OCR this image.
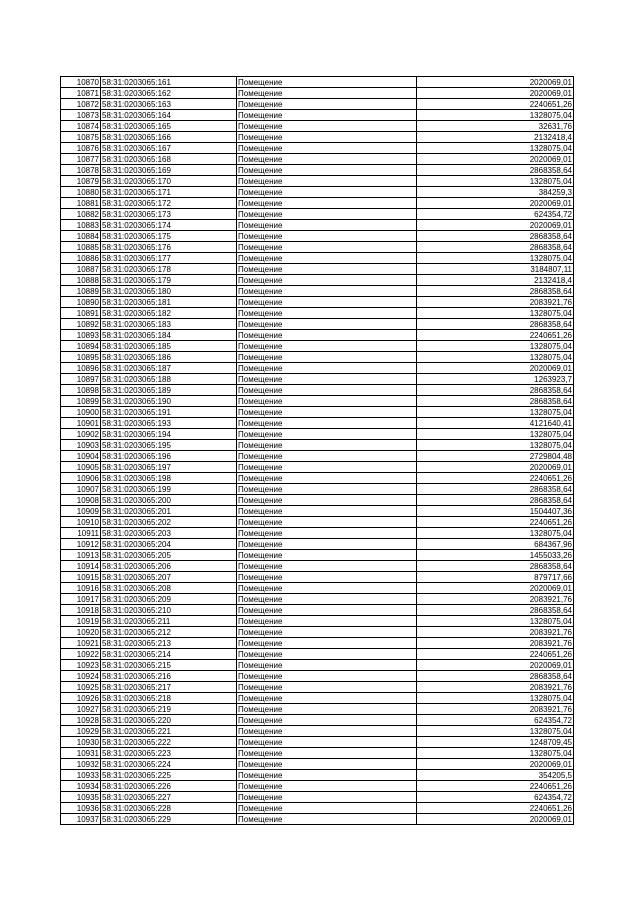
10870	58:31:0203065:161	Помещение	2020069,01
10871	58:31:0203065:162	Помещение	2020069,01
10872	58:31:0203065:163	Помещение	2240651,26
10873	58:31:0203065:164	Помещение	1328075,04
10874	58:31:0203065:165	Помещение	32631,76
10875	58:31:0203065:166	Помещение	2132418,4
10876	58:31:0203065:167	Помещение	1328075,04
10877	58:31:0203065:168	Помещение	2020069,01
10878	58:31:0203065:169	Помещение	2868358,64
10879	58:31:0203065:170	Помещение	1328075,04
10880	58:31:0203065:171	Помещение	384259,3
10881	58:31:0203065:172	Помещение	2020069,01
10882	58:31:0203065:173	Помещение	624354,72
10883	58:31:0203065:174	Помещение	2020069,01
10884	58:31:0203065:175	Помещение	2868358,64
10885	58:31:0203065:176	Помещение	2868358,64
10886	58:31:0203065:177	Помещение	1328075,04
10887	58:31:0203065:178	Помещение	3184807,11
10888	58:31:0203065:179	Помещение	2132418,4
10889	58:31:0203065:180	Помещение	2868358,64
10890	58:31:0203065:181	Помещение	2083921,76
10891	58:31:0203065:182	Помещение	1328075,04
10892	58:31:0203065:183	Помещение	2868358,64
10893	58:31:0203065:184	Помещение	2240651,26
10894	58:31:0203065:185	Помещение	1328075,04
10895	58:31:0203065:186	Помещение	1328075,04
10896	58:31:0203065:187	Помещение	2020069,01
10897	58:31:0203065:188	Помещение	1263923,7
10898	58:31:0203065:189	Помещение	2868358,64
10899	58:31:0203065:190	Помещение	2868358,64
10900	58:31:0203065:191	Помещение	1328075,04
10901	58:31:0203065:193	Помещение	4121640,41
10902	58:31:0203065:194	Помещение	1328075,04
10903	58:31:0203065:195	Помещение	1328075,04
10904	58:31:0203065:196	Помещение	2729804,48
10905	58:31:0203065:197	Помещение	2020069,01
10906	58:31:0203065:198	Помещение	2240651,26
10907	58:31:0203065:199	Помещение	2868358,64
10908	58:31:0203065:200	Помещение	2868358,64
10909	58:31:0203065:201	Помещение	1504407,36
10910	58:31:0203065:202	Помещение	2240651,26
10911	58:31:0203065:203	Помещение	1328075,04
10912	58:31:0203065:204	Помещение	684367,96
10913	58:31:0203065:205	Помещение	1455033,26
10914	58:31:0203065:206	Помещение	2868358,64
10915	58:31:0203065:207	Помещение	879717,66
10916	58:31:0203065:208	Помещение	2020069,01
10917	58:31:0203065:209	Помещение	2083921,76
10918	58:31:0203065:210	Помещение	2868358,64
10919	58:31:0203065:211	Помещение	1328075,04
10920	58:31:0203065:212	Помещение	2083921,76
10921	58:31:0203065:213	Помещение	2083921,76
10922	58:31:0203065:214	Помещение	2240651,26
10923	58:31:0203065:215	Помещение	2020069,01
10924	58:31:0203065:216	Помещение	2868358,64
10925	58:31:0203065:217	Помещение	2083921,76
10926	58:31:0203065:218	Помещение	1328075,04
10927	58:31:0203065:219	Помещение	2083921,76
10928	58:31:0203065:220	Помещение	624354,72
10929	58:31:0203065:221	Помещение	1328075,04
10930	58:31:0203065:222	Помещение	1248709,45
10931	58:31:0203065:223	Помещение	1328075,04
10932	58:31:0203065:224	Помещение	2020069,01
10933	58:31:0203065:225	Помещение	354205,5
10934	58:31:0203065:226	Помещение	2240651,26
10935	58:31:0203065:227	Помещение	624354,72
10936	58:31:0203065:228	Помещение	2240651,26
10937	58:31:0203065:229	Помещение	2020069,01
